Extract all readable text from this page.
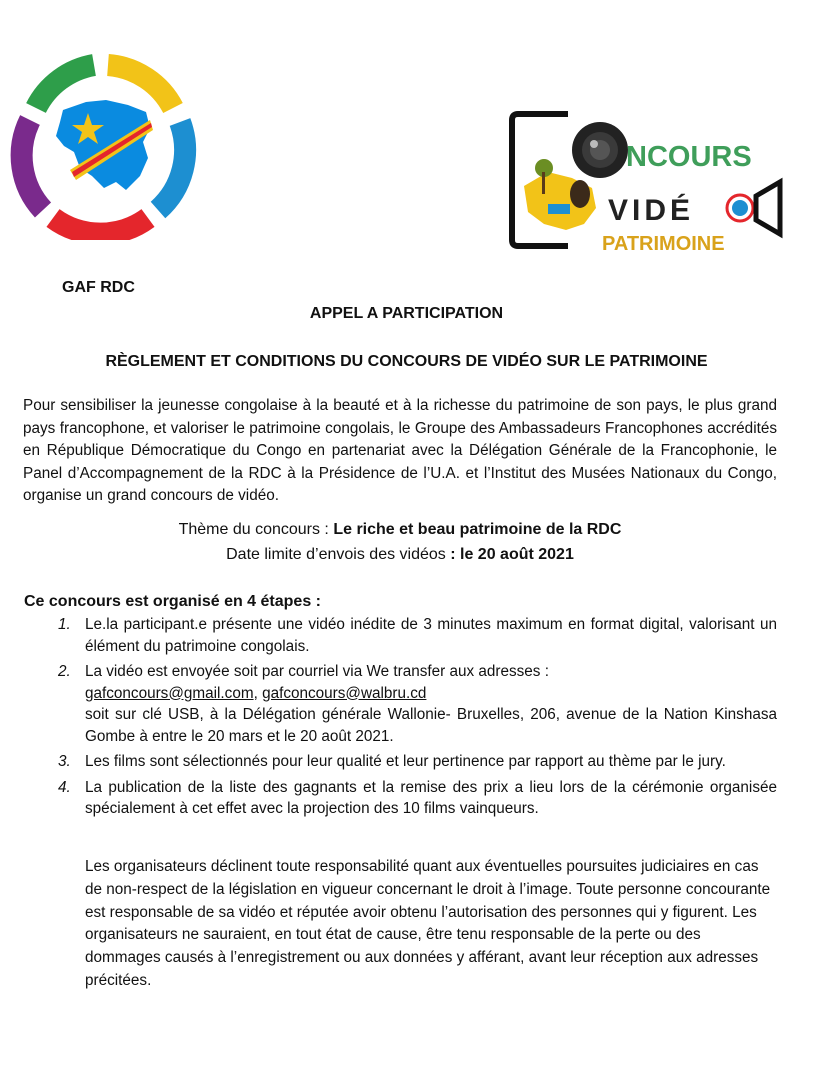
NCOURS
VIDÉ
PATRIMOINE
GAF RDC
APPEL A PARTICIPATION
RÈGLEMENT ET CONDITIONS DU CONCOURS DE VIDÉO SUR LE PATRIMOINE
Pour sensibiliser la jeunesse congolaise à la beauté et à la richesse du patrimoine de son pays, le plus grand pays francophone, et valoriser le patrimoine congolais, le Groupe des Ambassadeurs Francophones accrédités en République Démocratique du Congo en partenariat avec la Délégation Générale de la Francophonie, le Panel d’Accompagnement de la RDC à la Présidence de l’U.A. et l’Institut des Musées Nationaux du Congo, organise un grand concours de vidéo.
Thème du concours : Le riche et beau patrimoine de la RDC
Date limite d’envois des vidéos : le 20 août 2021
Ce concours est organisé en 4 étapes :
1. Le.la participant.e présente une vidéo inédite de 3 minutes maximum en format digital, valorisant un élément du patrimoine congolais.
2. La vidéo est envoyée soit par courriel via We transfer aux adresses :
gafconcours@gmail.com, gafconcours@walbru.cd
soit sur clé USB, à la Délégation générale Wallonie- Bruxelles, 206, avenue de la Nation Kinshasa Gombe à entre le 20 mars et le 20 août 2021.
3. Les films sont sélectionnés pour leur qualité et leur pertinence par rapport au thème par le jury.
4. La publication de la liste des gagnants et la remise des prix a lieu lors de la cérémonie organisée spécialement à cet effet avec la projection des 10 films vainqueurs.
Les organisateurs déclinent toute responsabilité quant aux éventuelles poursuites judiciaires en cas de non-respect de la législation en vigueur concernant le droit à l’image. Toute personne concourante est responsable de sa vidéo et réputée avoir obtenu l’autorisation des personnes qui y figurent. Les organisateurs ne sauraient, en tout état de cause, être tenu responsable de la perte ou des dommages causés à l’enregistrement ou aux données y afférant, avant leur réception aux adresses précitées.
